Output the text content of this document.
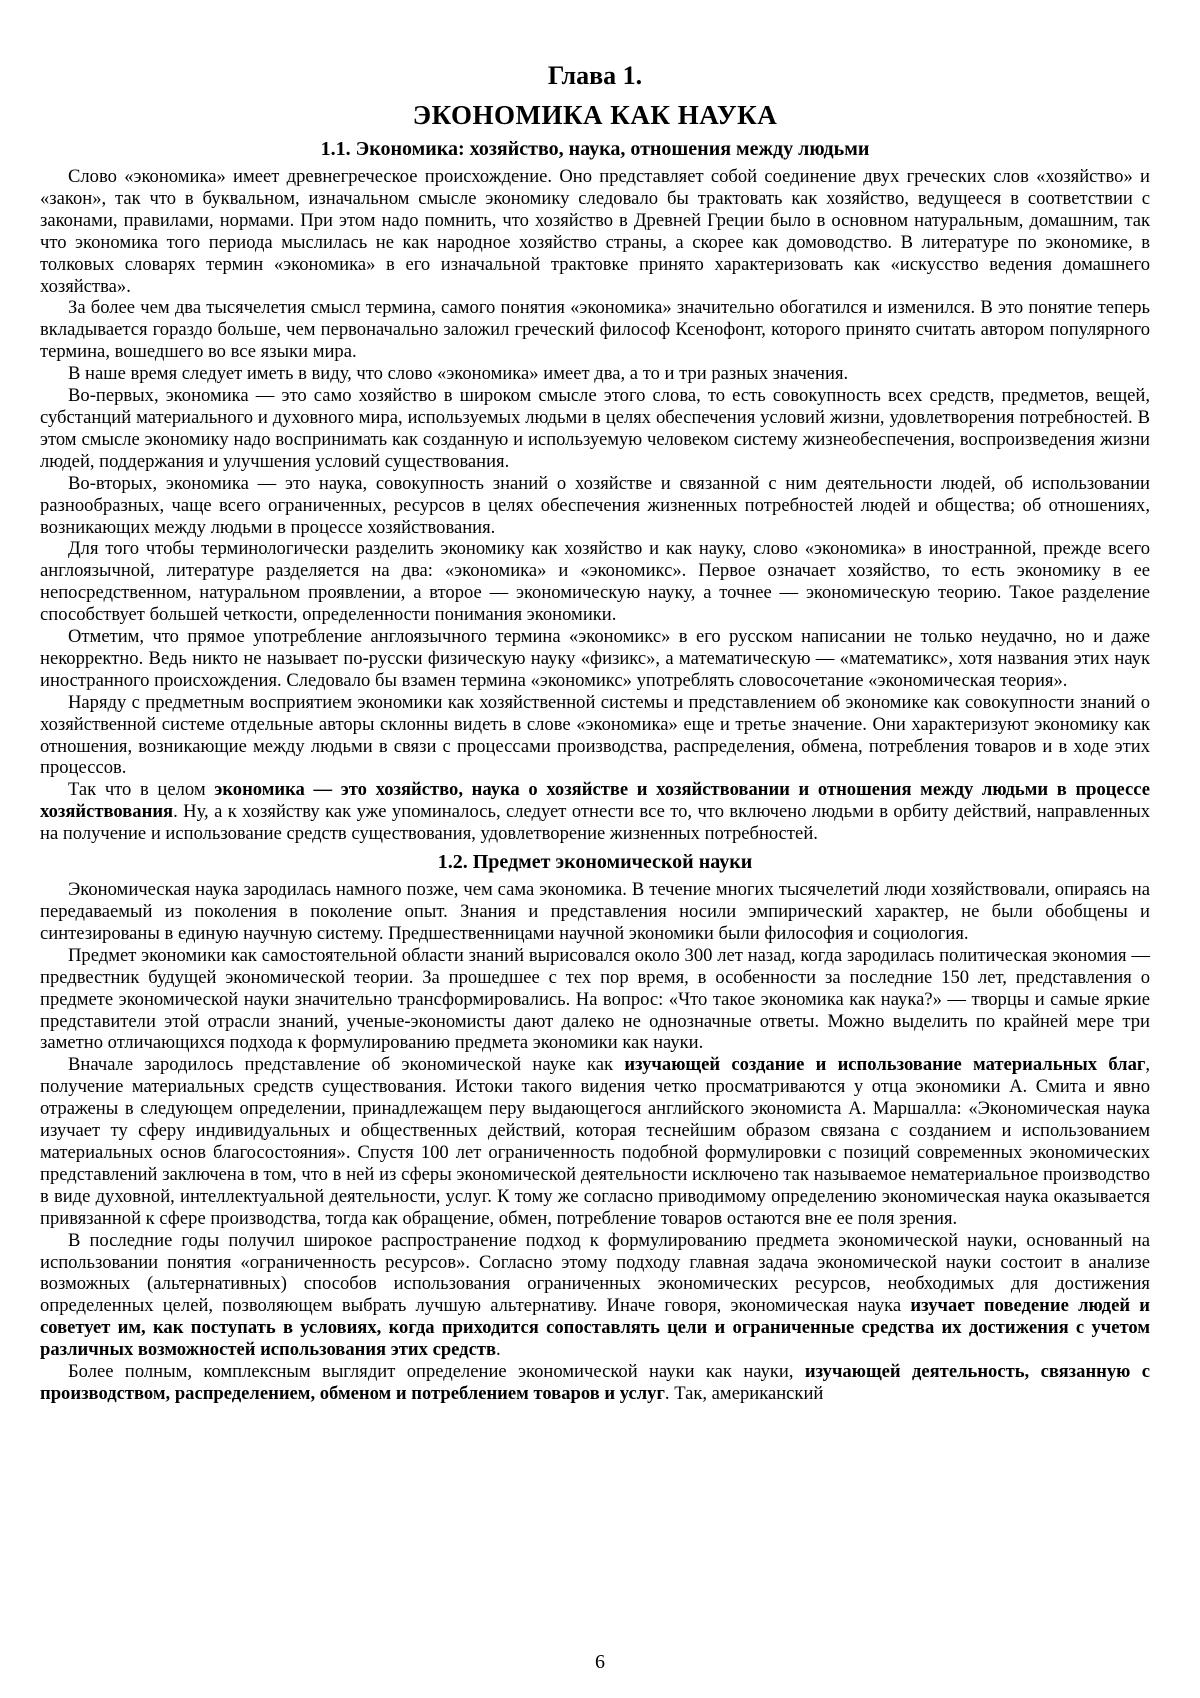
Глава 1.
ЭКОНОМИКА КАК НАУКА
1.1. Экономика: хозяйство, наука, отношения между людьми

Слово «экономика» имеет древнегреческое происхождение. Оно представляет собой соединение двух греческих слов «хозяйство» и «закон», так что в буквальном, изначальном смысле экономику следовало бы трактовать как хозяйство, ведущееся в соответствии с законами, правилами, нормами. При этом надо помнить, что хозяйство в Древней Греции было в основном натуральным, домашним, так что экономика того периода мыслилась не как народное хозяйство страны, а скорее как домоводство. В литературе по экономике, в толковых словарях термин «экономика» в его изначальной трактовке принято характеризовать как «искусство ведения домашнего хозяйства».

За более чем два тысячелетия смысл термина, самого понятия «экономика» значительно обогатился и изменился. В это понятие теперь вкладывается гораздо больше, чем первоначально заложил греческий философ Ксенофонт, которого принято считать автором популярного термина, вошедшего во все языки мира.

В наше время следует иметь в виду, что слово «экономика» имеет два, а то и три разных значения.

Во-первых, экономика — это само хозяйство в широком смысле этого слова, то есть совокупность всех средств, предметов, вещей, субстанций материального и духовного мира, используемых людьми в целях обеспечения условий жизни, удовлетворения потребностей. В этом смысле экономику надо воспринимать как созданную и используемую человеком систему жизнеобеспечения, воспроизведения жизни людей, поддержания и улучшения условий существования.

Во-вторых, экономика — это наука, совокупность знаний о хозяйстве и связанной с ним деятельности людей, об использовании разнообразных, чаще всего ограниченных, ресурсов в целях обеспечения жизненных потребностей людей и общества; об отношениях, возникающих между людьми в процессе хозяйствования.

Для того чтобы терминологически разделить экономику как хозяйство и как науку, слово «экономика» в иностранной, прежде всего англоязычной, литературе разделяется на два: «экономика» и «экономикс». Первое означает хозяйство, то есть экономику в ее непосредственном, натуральном проявлении, а второе — экономическую науку, а точнее — экономическую теорию. Такое разделение способствует большей четкости, определенности понимания экономики.

Отметим, что прямое употребление англоязычного термина «экономикс» в его русском написании не только неудачно, но и даже некорректно. Ведь никто не называет по-русски физическую науку «физикс», а математическую — «математикс», хотя названия этих наук иностранного происхождения. Следовало бы взамен термина «экономикс» употреблять словосочетание «экономическая теория».

Наряду с предметным восприятием экономики как хозяйственной системы и представлением об экономике как совокупности знаний о хозяйственной системе отдельные авторы склонны видеть в слове «экономика» еще и третье значение. Они характеризуют экономику как отношения, возникающие между людьми в связи с процессами производства, распределения, обмена, потребления товаров и в ходе этих процессов.

Так что в целом экономика — это хозяйство, наука о хозяйстве и хозяйствовании и отношения между людьми в процессе хозяйствования. Ну, а к хозяйству как уже упоминалось, следует отнести все то, что включено людьми в орбиту действий, направленных на получение и использование средств существования, удовлетворение жизненных потребностей.

1.2. Предмет экономической науки

Экономическая наука зародилась намного позже, чем сама экономика. В течение многих тысячелетий люди хозяйствовали, опираясь на передаваемый из поколения в поколение опыт. Знания и представления носили эмпирический характер, не были обобщены и синтезированы в единую научную систему. Предшественницами научной экономики были философия и социология.

Предмет экономики как самостоятельной области знаний вырисовался около 300 лет назад, когда зародилась политическая экономия — предвестник будущей экономической теории. За прошедшее с тех пор время, в особенности за последние 150 лет, представления о предмете экономической науки значительно трансформировались. На вопрос: «Что такое экономика как наука?» — творцы и самые яркие представители этой отрасли знаний, ученые-экономисты дают далеко не однозначные ответы. Можно выделить по крайней мере три заметно отличающихся подхода к формулированию предмета экономики как науки.

Вначале зародилось представление об экономической науке как изучающей создание и использование материальных благ, получение материальных средств существования. Истоки такого видения четко просматриваются у отца экономики А. Смита и явно отражены в следующем определении, принадлежащем перу выдающегося английского экономиста А. Маршалла: «Экономическая наука изучает ту сферу индивидуальных и общественных действий, которая теснейшим образом связана с созданием и использованием материальных основ благосостояния». Спустя 100 лет ограниченность подобной формулировки с позиций современных экономических представлений заключена в том, что в ней из сферы экономической деятельности исключено так называемое нематериальное производство в виде духовной, интеллектуальной деятельности, услуг. К тому же согласно приводимому определению экономическая наука оказывается привязанной к сфере производства, тогда как обращение, обмен, потребление товаров остаются вне ее поля зрения.

В последние годы получил широкое распространение подход к формулированию предмета экономической науки, основанный на использовании понятия «ограниченность ресурсов». Согласно этому подходу главная задача экономической науки состоит в анализе возможных (альтернативных) способов использования ограниченных экономических ресурсов, необходимых для достижения определенных целей, позволяющем выбрать лучшую альтернативу. Иначе говоря, экономическая наука изучает поведение людей и советует им, как поступать в условиях, когда приходится сопоставлять цели и ограниченные средства их достижения с учетом различных возможностей использования этих средств.

Более полным, комплексным выглядит определение экономической науки как науки, изучающей деятельность, связанную с производством, распределением, обменом и потреблением товаров и услуг. Так, американский

6
